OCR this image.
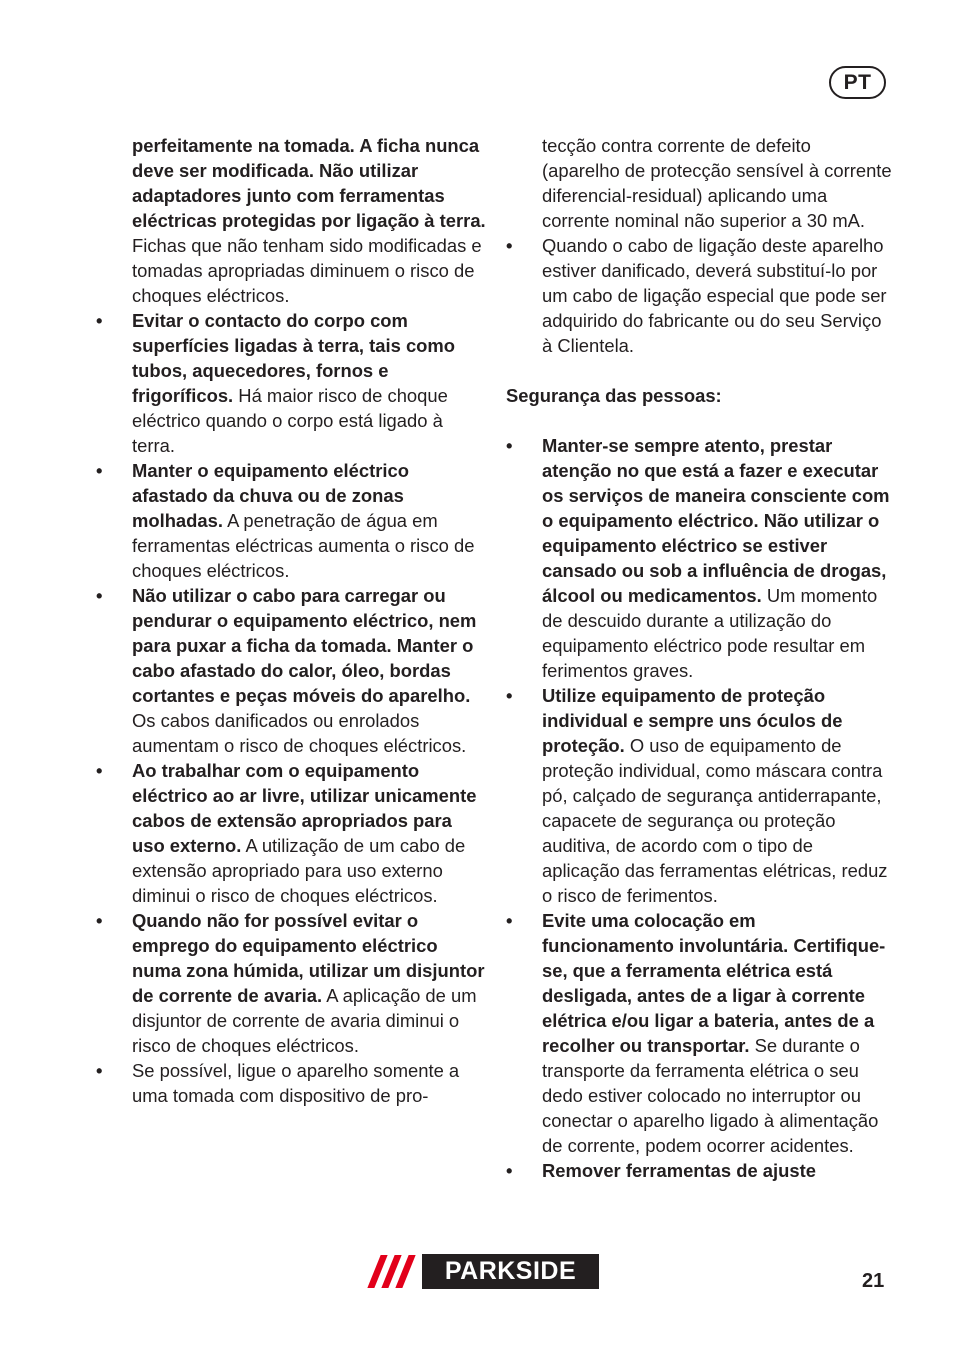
PT

perfeitamente na tomada. A ficha nunca deve ser modificada. Não utilizar adaptadores junto com ferramentas eléctricas protegidas por ligação à terra. Fichas que não tenham sido modificadas e tomadas apropriadas diminuem o risco de choques eléctricos.

•	Evitar o contacto do corpo com superfícies ligadas à terra, tais como tubos, aquecedores, fornos e frigoríficos. Há maior risco de choque eléctrico quando o corpo está ligado à terra.
•	Manter o equipamento eléctrico afastado da chuva ou de zonas molhadas. A penetração de água em ferramentas eléctricas aumenta o risco de choques eléctricos.
•	Não utilizar o cabo para carregar ou pendurar o equipamento eléctrico, nem para puxar a ficha da tomada. Manter o cabo afastado do calor, óleo, bordas cortantes e peças móveis do aparelho. Os cabos danificados ou enrolados aumentam o risco de choques eléctricos.
•	Ao trabalhar com o equipamento eléctrico ao ar livre, utilizar unicamente cabos de extensão apropriados para uso externo. A utilização de um cabo de extensão apropriado para uso externo diminui o risco de choques eléctricos.
•	Quando não for possível evitar o emprego do equipamento eléctrico numa zona húmida, utilizar um disjuntor de corrente de avaria. A aplicação de um disjuntor de corrente de avaria diminui o risco de choques eléctricos.
•	Se possível, ligue o aparelho somente a uma tomada com dispositivo de pro-

tecção contra corrente de defeito (aparelho de protecção sensível à corrente diferencial-residual) aplicando uma corrente nominal não superior a 30 mA.

•	Quando o cabo de ligação deste aparelho estiver danificado, deverá substituí-lo por um cabo de ligação especial que pode ser adquirido do fabricante ou do seu Serviço à Clientela.

Segurança das pessoas:

•	Manter-se sempre atento, prestar atenção no que está a fazer e executar os serviços de maneira consciente com o equipamento eléctrico. Não utilizar o equipamento eléctrico se estiver cansado ou sob a influência de drogas, álcool ou medicamentos. Um momento de descuido durante a utilização do equipamento eléctrico pode resultar em ferimentos graves.
•	Utilize equipamento de proteção individual e sempre uns óculos de proteção. O uso de equipamento de proteção individual, como máscara contra pó, calçado de segurança antiderrapante, capacete de segurança ou proteção auditiva, de acordo com o tipo de aplicação das ferramentas elétricas, reduz o risco de ferimentos.
•	Evite uma colocação em funcionamento involuntária. Certifique-se, que a ferramenta elétrica está desligada, antes de a ligar à corrente elétrica e/ou ligar a bateria, antes de a recolher ou transportar. Se durante o transporte da ferramenta elétrica o seu dedo estiver colocado no interruptor ou conectar o aparelho ligado à alimentação de corrente, podem ocorrer acidentes.
•	Remover ferramentas de ajuste
PARKSIDE	21
